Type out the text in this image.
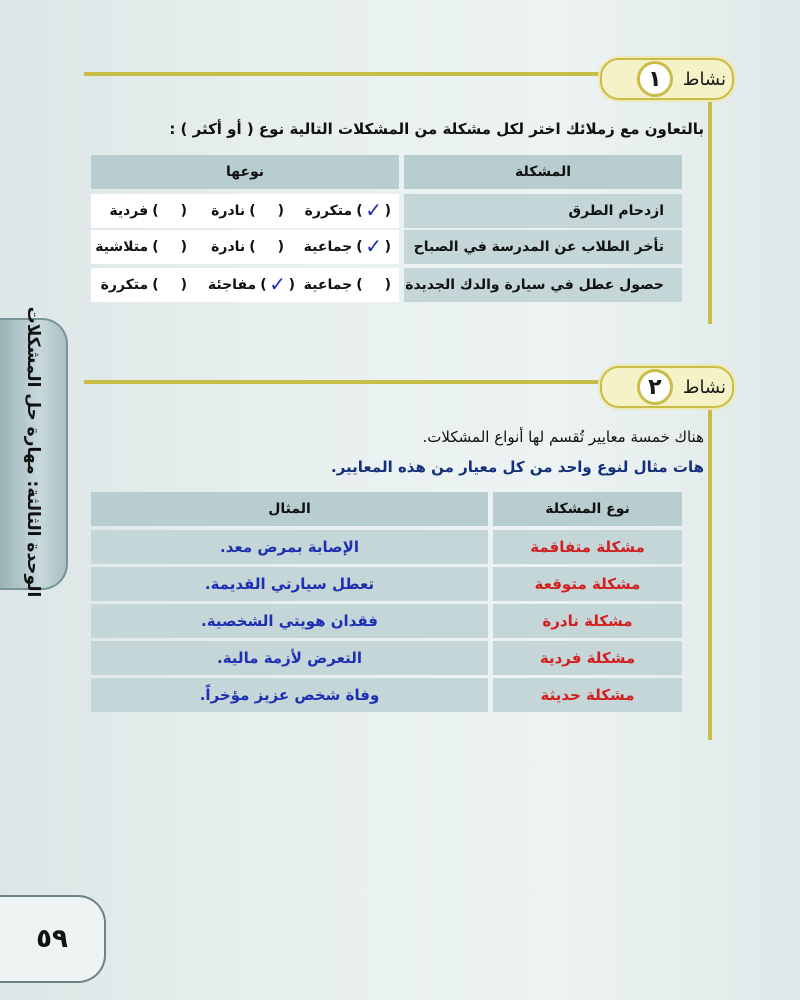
نشاط
١
بالتعاون مع زملائك اختر لكل مشكلة من المشكلات التالية نوع ( أو أكثر ) :
المشكلة
نوعها
ازدحام الطرق
(
✓
)
متكررة
(
)
نادرة
(
)
فردية
تأخر الطلاب عن المدرسة في الصباح
(
✓
)
جماعية
(
)
نادرة
(
)
متلاشية
حصول عطل في سيارة والدك الجديدة
(
)
جماعية
(
✓
)
مفاجئة
(
)
متكررة
نشاط
٢
هناك خمسة معايير تُقسم لها أنواع المشكلات.
هات مثال لنوع واحد من كل معيار من هذه المعايير.
نوع المشكلة
المثال
مشكلة متفاقمة
الإصابة بمرض معد.
مشكلة متوقعة
تعطل سيارتي القديمة.
مشكلة نادرة
فقدان هويتي الشخصية.
مشكلة فردية
التعرض لأزمة مالية.
مشكلة حديثة
وفاة شخص عزيز مؤخراً.
الوحدة الثالثة: مهارة حل المشكلات
٥٩
